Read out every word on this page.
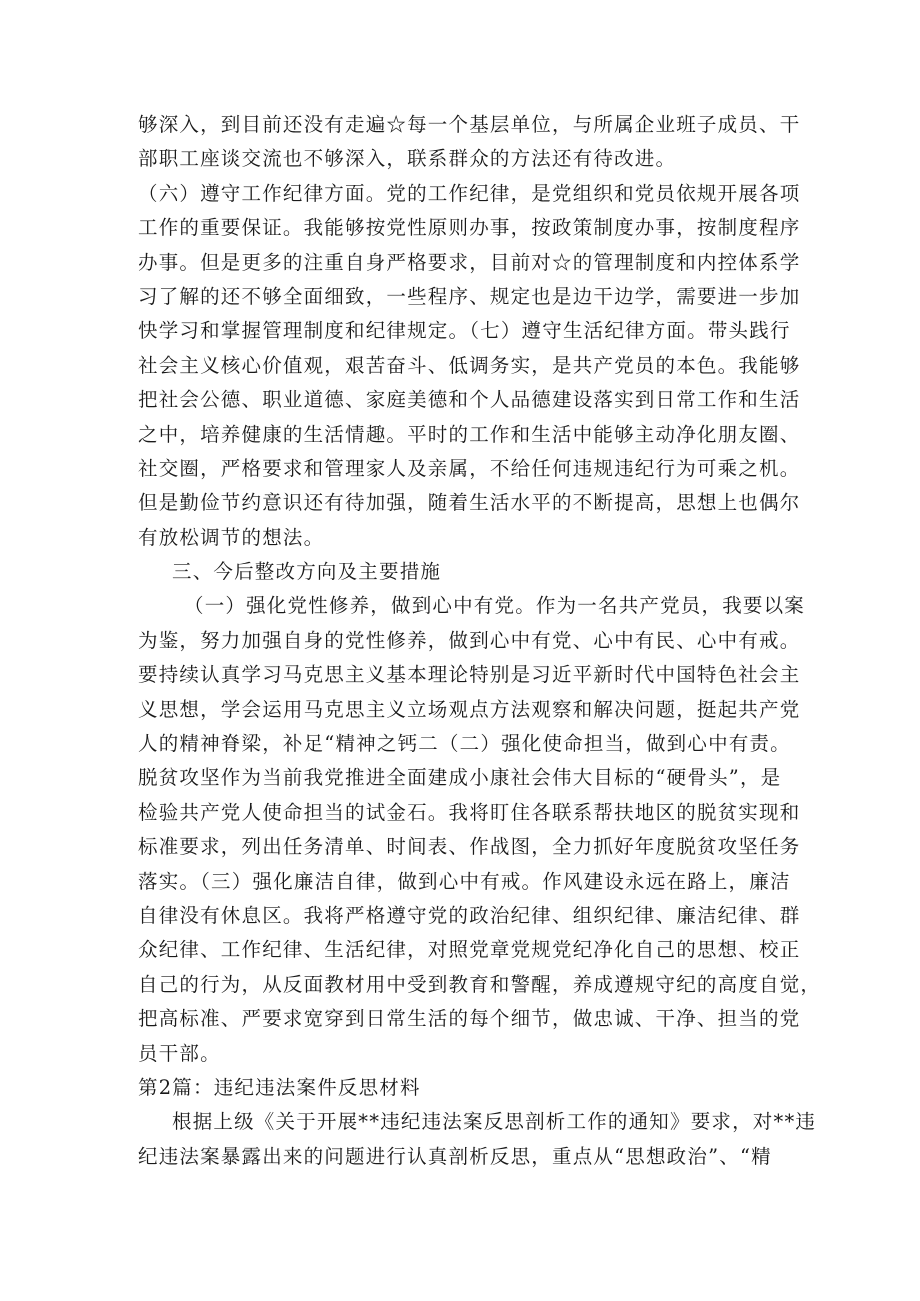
够深入，到目前还没有走遍☆每一个基层单位，与所属企业班子成员、干
部职工座谈交流也不够深入，联系群众的方法还有待改进。
（六）遵守工作纪律方面。党的工作纪律，是党组织和党员依规开展各项
工作的重要保证。我能够按党性原则办事，按政策制度办事，按制度程序
办事。但是更多的注重自身严格要求，目前对☆的管理制度和内控体系学
习了解的还不够全面细致，一些程序、规定也是边干边学，需要进一步加
快学习和掌握管理制度和纪律规定。（七）遵守生活纪律方面。带头践行
社会主义核心价值观，艰苦奋斗、低调务实，是共产党员的本色。我能够
把社会公德、职业道德、家庭美德和个人品德建设落实到日常工作和生活
之中，培养健康的生活情趣。平时的工作和生活中能够主动净化朋友圈、
社交圈，严格要求和管理家人及亲属，不给任何违规违纪行为可乘之机。
但是勤俭节约意识还有待加强，随着生活水平的不断提高，思想上也偶尔
有放松调节的想法。
三、今后整改方向及主要措施
（一）强化党性修养，做到心中有党。作为一名共产党员，我要以案
为鉴，努力加强自身的党性修养，做到心中有党、心中有民、心中有戒。
要持续认真学习马克思主义基本理论特别是习近平新时代中国特色社会主
义思想，学会运用马克思主义立场观点方法观察和解决问题，挺起共产党
人的精神脊梁，补足“精神之钙二（二）强化使命担当，做到心中有责。
脱贫攻坚作为当前我党推进全面建成小康社会伟大目标的“硬骨头”，是
检验共产党人使命担当的试金石。我将盯住各联系帮扶地区的脱贫实现和
标准要求，列出任务清单、时间表、作战图，全力抓好年度脱贫攻坚任务
落实。（三）强化廉洁自律，做到心中有戒。作风建设永远在路上，廉洁
自律没有休息区。我将严格遵守党的政治纪律、组织纪律、廉洁纪律、群
众纪律、工作纪律、生活纪律，对照党章党规党纪净化自己的思想、校正
自己的行为，从反面教材用中受到教育和警醒，养成遵规守纪的高度自觉，
把高标准、严要求宽穿到日常生活的每个细节，做忠诚、干净、担当的党
员干部。
第2篇：违纪违法案件反思材料
根据上级《关于开展**违纪违法案反思剖析工作的通知》要求，对**违
纪违法案暴露出来的问题进行认真剖析反思，重点从“思想政治”、“精
